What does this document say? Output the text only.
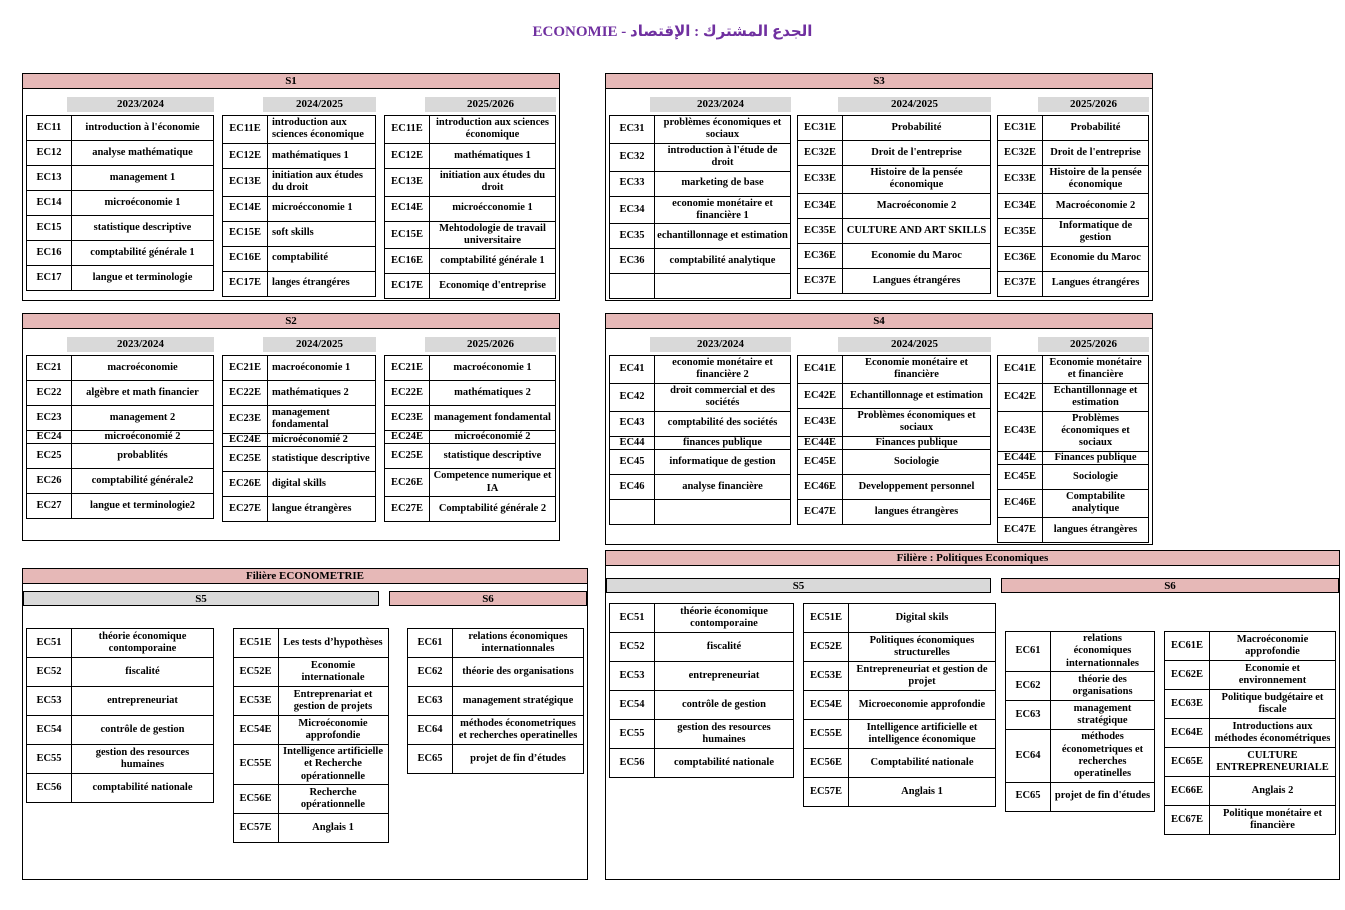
الجدع المشترك : الإقتصاد - ECONOMIE
S1
2023/2024
EC11	introduction à l'économie
EC12	analyse mathématique
EC13	management 1
EC14	microéconomie 1
EC15	statistique descriptive
EC16	comptabilité générale 1
EC17	langue et terminologie
2024/2025
EC11E	introduction aux sciences économique
EC12E	mathématiques 1
EC13E	initiation aux études du droit
EC14E	microécconomie 1
EC15E	soft skills
EC16E	comptabilité
EC17E	langes étrangéres
2025/2026
EC11E	introduction aux sciences économique
EC12E	mathématiques 1
EC13E	initiation aux études du droit
EC14E	microécconomie 1
EC15E	Mehtodologie de travail universitaire
EC16E	comptabilité générale 1
EC17E	Economiqe d'entreprise
S3
2023/2024
EC31	problèmes économiques et sociaux
EC32	introduction à l'étude de droit
EC33	marketing de base
EC34	economie monétaire et financière 1
EC35	echantillonnage et estimation
EC36	comptabilité analytique

2024/2025
EC31E	Probabilité
EC32E	Droit de l'entreprise
EC33E	Histoire de la pensée économique
EC34E	Macroéconomie 2
EC35E	CULTURE AND ART SKILLS
EC36E	Economie du Maroc
EC37E	Langues étrangéres
2025/2026
EC31E	Probabilité
EC32E	Droit de l'entreprise
EC33E	Histoire de la pensée économique
EC34E	Macroéconomie 2
EC35E	Informatique de gestion
EC36E	Economie du Maroc
EC37E	Langues étrangéres
S2
2023/2024
EC21	macroéconomie
EC22	algèbre et math financier
EC23	management 2
EC24	microéconomié 2
EC25	probablités
EC26	comptabilité générale2
EC27	langue et terminologie2
2024/2025
EC21E	macroéconomie 1
EC22E	mathématiques 2
EC23E	management fondamental
EC24E	microéconomié 2
EC25E	statistique descriptive
EC26E	digital skills
EC27E	langue étrangères
2025/2026
EC21E	macroéconomie 1
EC22E	mathématiques 2
EC23E	management fondamental
EC24E	microéconomié 2
EC25E	statistique descriptive
EC26E	Competence numerique et IA
EC27E	Comptabilité générale 2
S4
2023/2024
EC41	economie monétaire et financière 2
EC42	droit commercial et des sociétés
EC43	comptabilité des sociétés
EC44	finances publique
EC45	informatique de gestion
EC46	analyse financière

2024/2025
EC41E	Economie monétaire et financière
EC42E	Echantillonnage et estimation
EC43E	Problèmes économiques et sociaux
EC44E	Finances publique
EC45E	Sociologie
EC46E	Developpement personnel
EC47E	langues étrangères
2025/2026
EC41E	Economie monétaire et financière
EC42E	Echantillonnage et estimation
EC43E	Problèmes économiques et sociaux
EC44E	Finances publique
EC45E	Sociologie
EC46E	Comptabilite analytique
EC47E	langues étrangères
Filière ECONOMETRIE
S5	S6
EC51	théorie économique contomporaine
EC52	fiscalité
EC53	entrepreneuriat
EC54	contrôle de gestion
EC55	gestion des resources humaines
EC56	comptabilité nationale
EC51E	Les tests d’hypothèses
EC52E	Economie internationale
EC53E	Entreprenariat et gestion de projets
EC54E	Microéconomie approfondie
EC55E	Intelligence artificielle et Recherche opérationnelle
EC56E	Recherche opérationnelle
EC57E	Anglais 1
EC61	relations économiques internationnales
EC62	théorie des organisations
EC63	management stratégique
EC64	méthodes économetriques et recherches operatinelles
EC65	projet de fin d’études
Filière : Politiques Economiques
S5	S6
EC51	théorie économique contomporaine
EC52	fiscalité
EC53	entrepreneuriat
EC54	contrôle de gestion
EC55	gestion des resources humaines
EC56	comptabilité nationale
EC51E	Digital skils
EC52E	Politiques économiques structurelles
EC53E	Entrepreneuriat et gestion de projet
EC54E	Microeconomie approfondie
EC55E	Intelligence artificielle et intelligence économique
EC56E	Comptabilité nationale
EC57E	Anglais 1
EC61	relations économiques internationnales
EC62	théorie des organisations
EC63	management stratégique
EC64	méthodes économetriques et recherches operatinelles
EC65	projet de fin d'études
EC61E	Macroéconomie approfondie
EC62E	Economie et environnement
EC63E	Politique budgétaire et fiscale
EC64E	Introductions aux méthodes économétriques
EC65E	CULTURE ENTREPRENEURIALE
EC66E	Anglais 2
EC67E	Politique monétaire et financière
